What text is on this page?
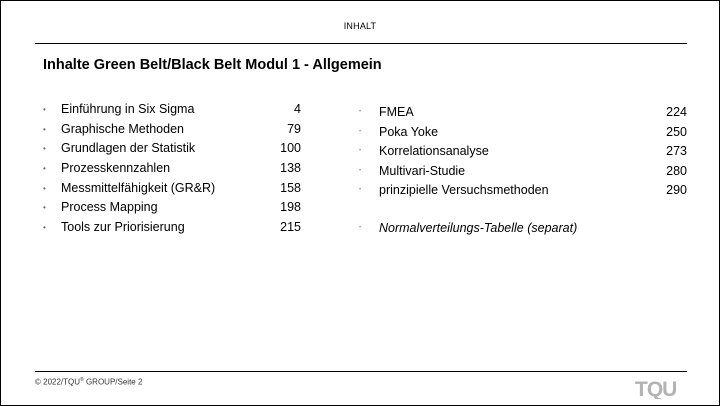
INHALT
Inhalte Green Belt/Black Belt Modul 1 - Allgemein
•	Einführung in Six Sigma	4
•	Graphische Methoden	79
•	Grundlagen der Statistik	100
•	Prozesskennzahlen	138
•	Messmittelfähigkeit (GR&R)	158
•	Process Mapping	198
•	Tools zur Priorisierung	215
•	FMEA	224
•	Poka Yoke	250
•	Korrelationsanalyse	273
•	Multivari-Studie	280
•	prinzipielle Versuchsmethoden	290
•	Normalverteilungs-Tabelle (separat)
© 2022/TQU® GROUP/Seite 2	TQU
